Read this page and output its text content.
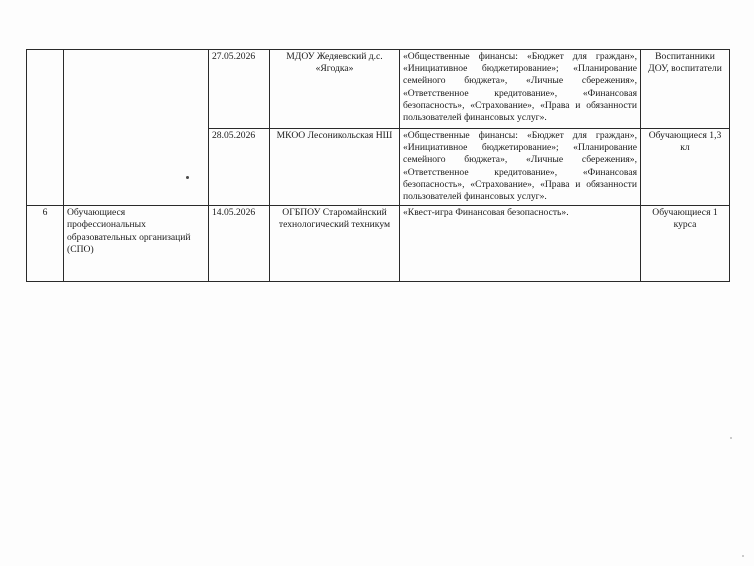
		27.05.2026	МДОУ Жедяевский д.с. «Ягодка»	«Общественные финансы: «Бюджет для граждан», «Инициативное бюджетирование»; «Планирование семейного бюджета», «Личные сбережения», «Ответственное кредитование», «Финансовая безопасность», «Страхование», «Права и обязанности пользователей финансовых услуг».	Воспитанники ДОУ, воспитатели
		28.05.2026	МКОО Лесоникольская НШ	«Общественные финансы: «Бюджет для граждан», «Инициативное бюджетирование»; «Планирование семейного бюджета», «Личные сбережения», «Ответственное кредитование», «Финансовая безопасность», «Страхование», «Права и обязанности пользователей финансовых услуг».	Обучающиеся 1,3 кл
6	Обучающиеся профессиональных образовательных организаций (СПО)	14.05.2026	ОГБПОУ Старомайнский технологический техникум	«Квест-игра Финансовая безопасность».	Обучающиеся 1 курса
